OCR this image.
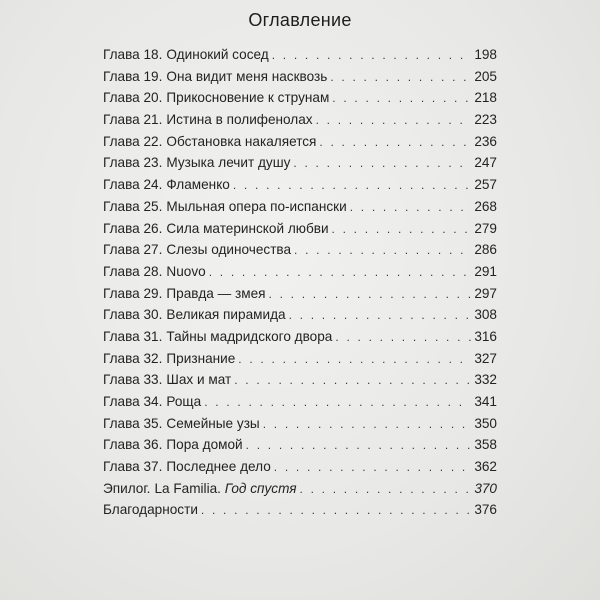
Оглавление
Глава 18. Одинокий сосед . . .	198
Глава 19. Она видит меня насквозь . . .	205
Глава 20. Прикосновение к струнам . . .	218
Глава 21. Истина в полифенолах . . .	223
Глава 22. Обстановка накаляется . . .	236
Глава 23. Музыка лечит душу . . .	247
Глава 24. Фламенко . . .	257
Глава 25. Мыльная опера по-испански . . .	268
Глава 26. Сила материнской любви . . .	279
Глава 27. Слезы одиночества . . .	286
Глава 28. Nuovo . . .	291
Глава 29. Правда — змея . . .	297
Глава 30. Великая пирамида . . .	308
Глава 31. Тайны мадридского двора . . .	316
Глава 32. Признание . . .	327
Глава 33. Шах и мат . . .	332
Глава 34. Роща . . .	341
Глава 35. Семейные узы . . .	350
Глава 36. Пора домой . . .	358
Глава 37. Последнее дело . . .	362
Эпилог. La Familia. Год спустя . . .	370
Благодарности . . .	376
